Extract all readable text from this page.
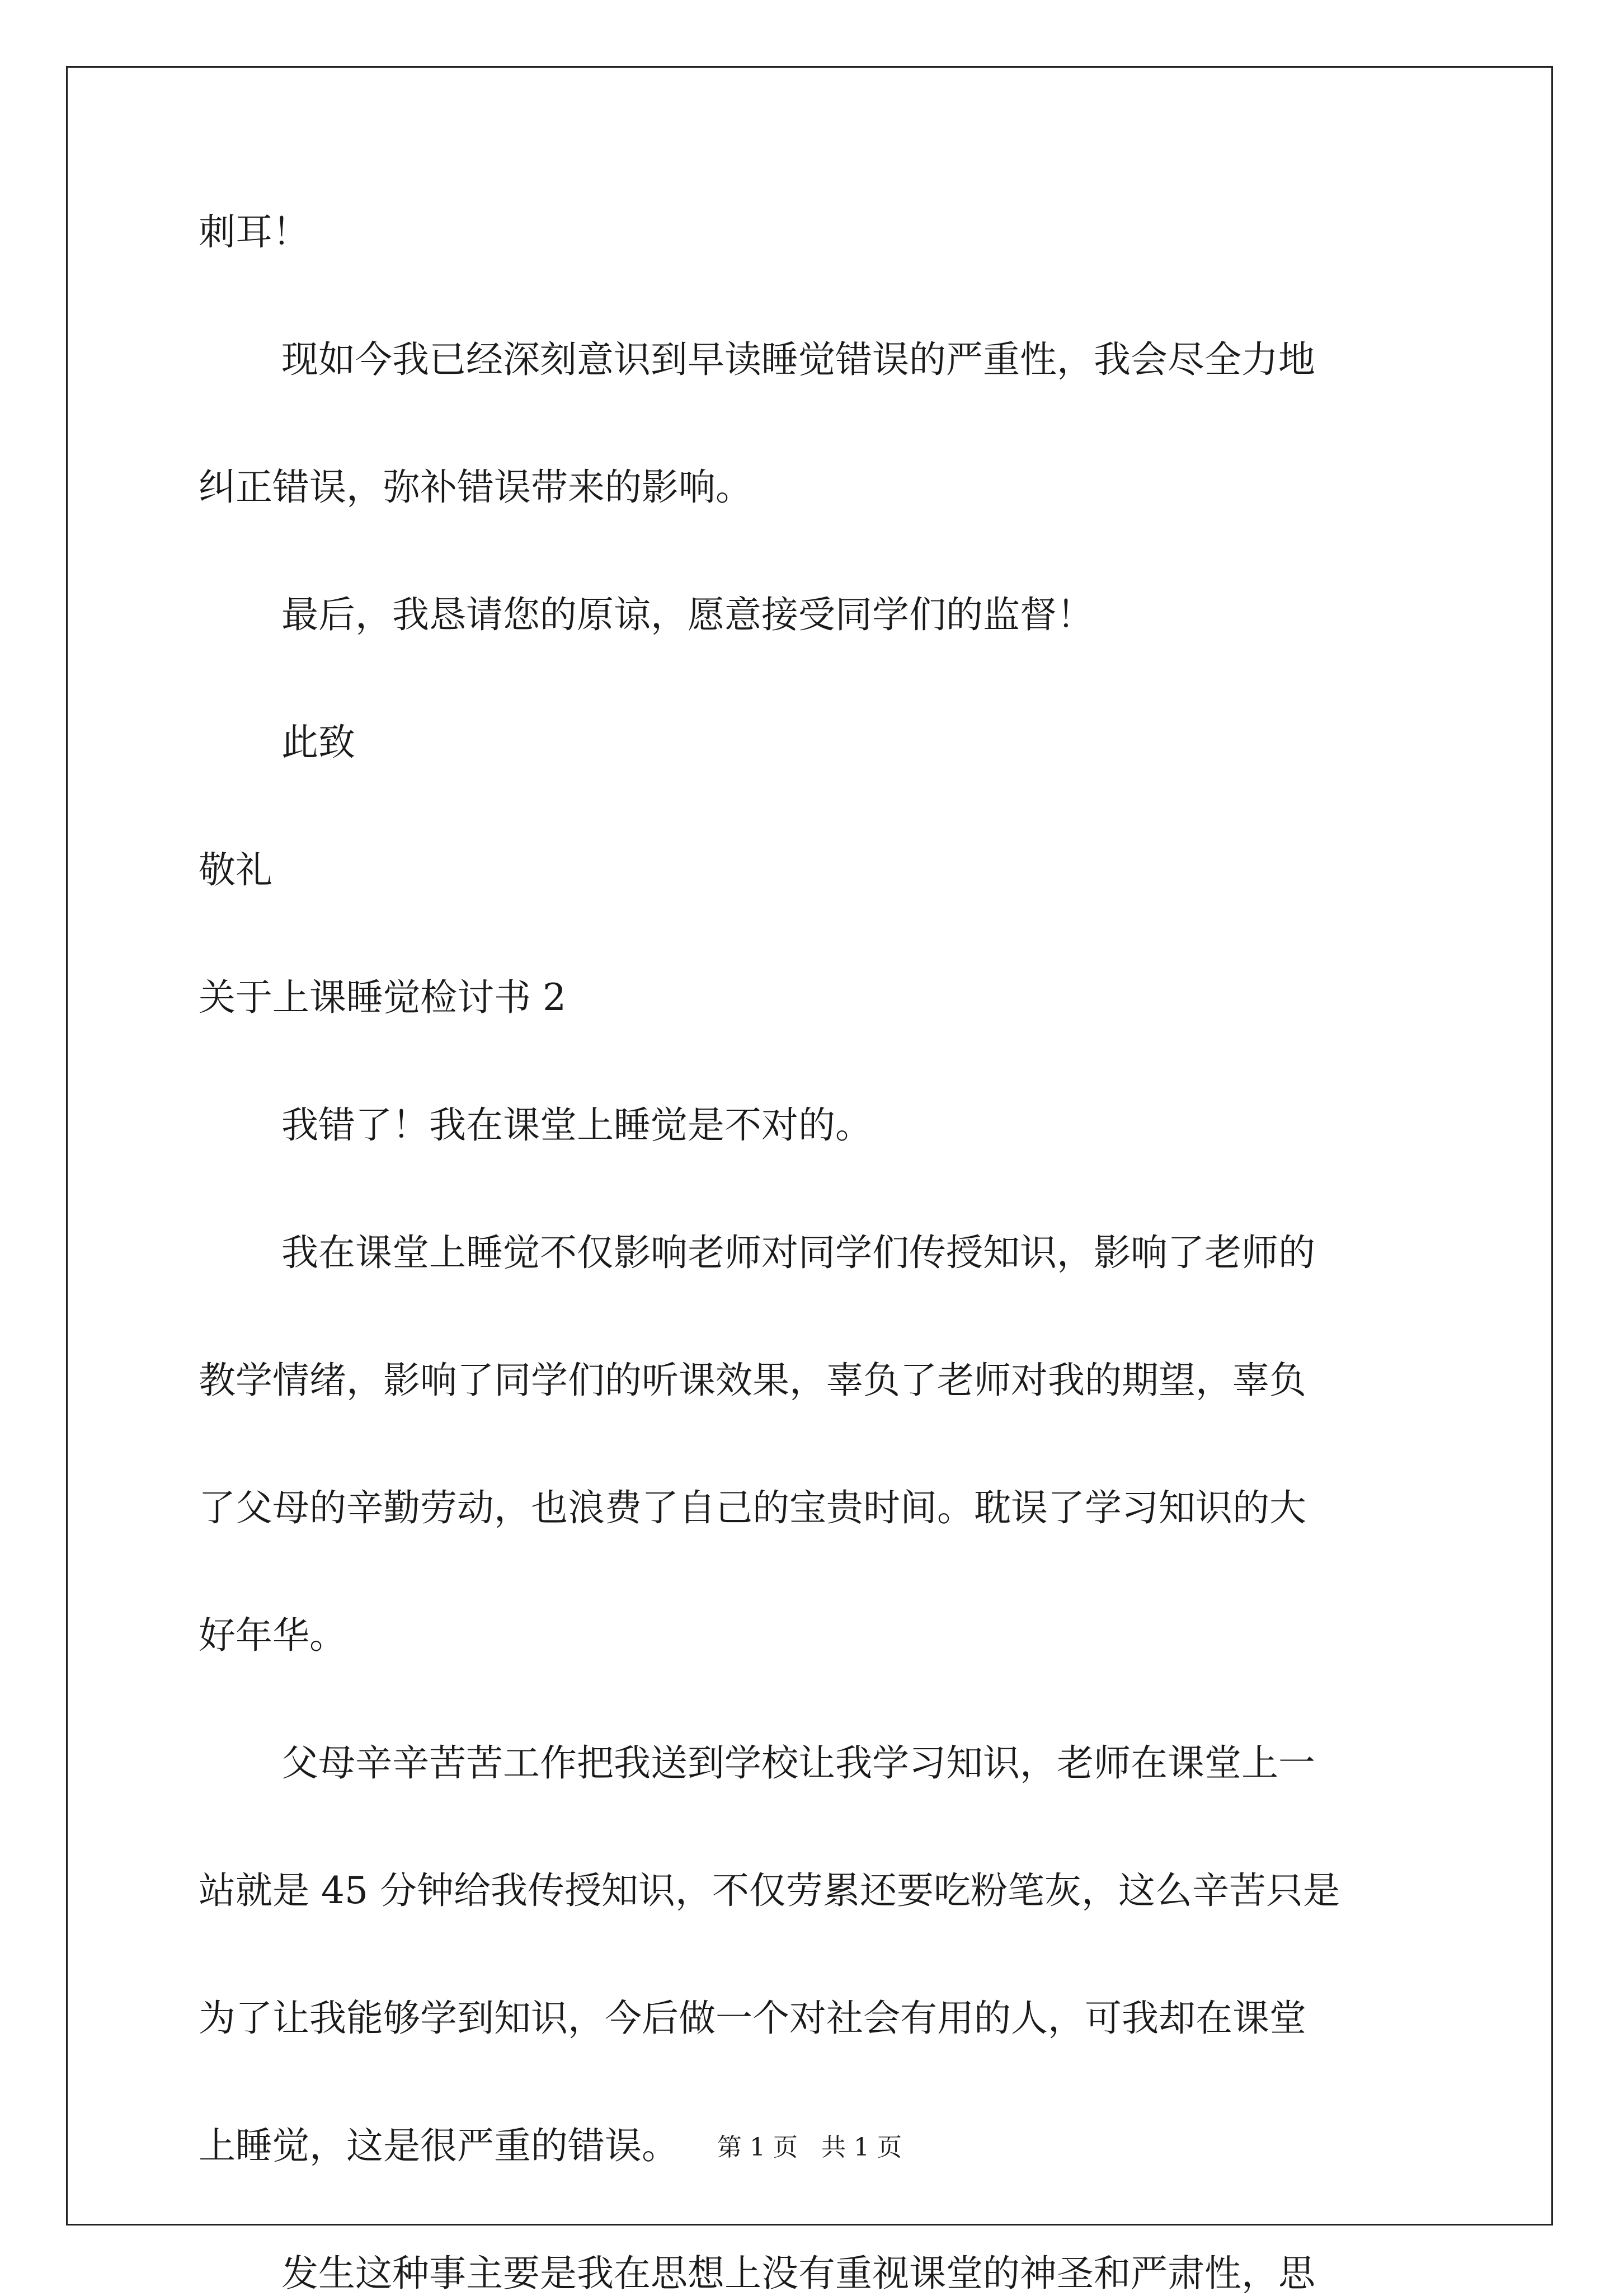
刺耳！
现如今我已经深刻意识到早读睡觉错误的严重性，我会尽全力地
纠正错误，弥补错误带来的影响。
最后，我恳请您的原谅，愿意接受同学们的监督！
此致
敬礼
关于上课睡觉检讨书 2
我错了！我在课堂上睡觉是不对的。
我在课堂上睡觉不仅影响老师对同学们传授知识，影响了老师的
教学情绪，影响了同学们的听课效果，辜负了老师对我的期望，辜负
了父母的辛勤劳动，也浪费了自己的宝贵时间。耽误了学习知识的大
好年华。
父母辛辛苦苦工作把我送到学校让我学习知识，老师在课堂上一
站就是 45 分钟给我传授知识，不仅劳累还要吃粉笔灰，这么辛苦只是
为了让我能够学到知识，今后做一个对社会有用的人，可我却在课堂
上睡觉，这是很严重的错误。
发生这种事主要是我在思想上没有重视课堂的神圣和严肃性，思
第 1 页   共 1 页
